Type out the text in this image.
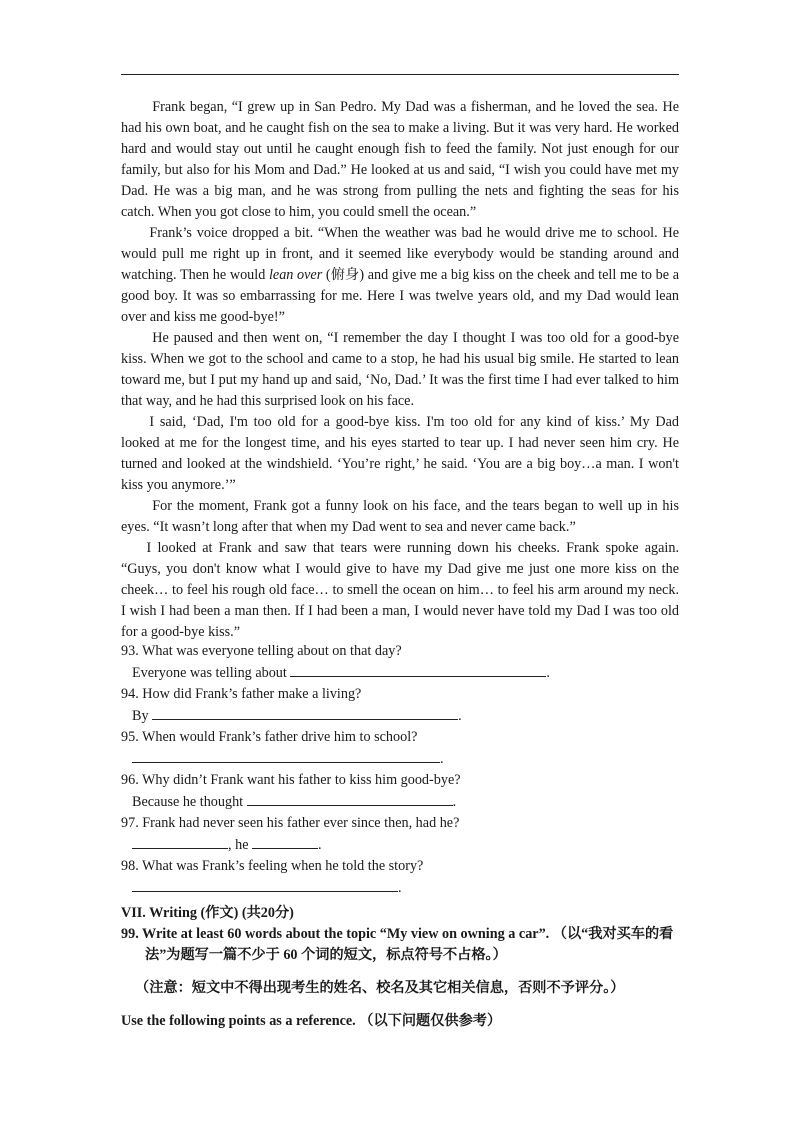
Frank began, “I grew up in San Pedro. My Dad was a fisherman, and he loved the sea. He had his own boat, and he caught fish on the sea to make a living. But it was very hard. He worked hard and would stay out until he caught enough fish to feed the family. Not just enough for our family, but also for his Mom and Dad.” He looked at us and said, “I wish you could have met my Dad. He was a big man, and he was strong from pulling the nets and fighting the seas for his catch. When you got close to him, you could smell the ocean.”

Frank’s voice dropped a bit. “When the weather was bad he would drive me to school. He would pull me right up in front, and it seemed like everybody would be standing around and watching. Then he would lean over (俯身) and give me a big kiss on the cheek and tell me to be a good boy. It was so embarrassing for me. Here I was twelve years old, and my Dad would lean over and kiss me good-bye!”

He paused and then went on, “I remember the day I thought I was too old for a good-bye kiss. When we got to the school and came to a stop, he had his usual big smile. He started to lean toward me, but I put my hand up and said, ‘No, Dad.’ It was the first time I had ever talked to him that way, and he had this surprised look on his face.

I said, ‘Dad, I'm too old for a good-bye kiss. I'm too old for any kind of kiss.’ My Dad looked at me for the longest time, and his eyes started to tear up. I had never seen him cry. He turned and looked at the windshield. ‘You’re right,’ he said. ‘You are a big boy…a man. I won't kiss you anymore.’”

For the moment, Frank got a funny look on his face, and the tears began to well up in his eyes. “It wasn’t long after that when my Dad went to sea and never came back.”

I looked at Frank and saw that tears were running down his cheeks. Frank spoke again. “Guys, you don't know what I would give to have my Dad give me just one more kiss on the cheek… to feel his rough old face… to smell the ocean on him… to feel his arm around my neck. I wish I had been a man then. If I had been a man, I would never have told my Dad I was too old for a good-bye kiss.”

93. What was everyone telling about on that day?

Everyone was telling about	.

94. How did Frank’s father make a living?

By	.

95. When would Frank’s father drive him to school?

.

96. Why didn’t Frank want his father to kiss him good-bye?

Because he thought	.

97. Frank had never seen his father ever since then, had he?

, he	.

98. What was Frank’s feeling when he told the story?

.

VII. Writing (作文) (共20分)

99. Write at least 60 words about the topic “My view on owning a car”. （以“我对买车的看法”为题写一篇不少于 60 个词的短文，标点符号不占格。）

（注意：短文中不得出现考生的姓名、校名及其它相关信息，否则不予评分。）

Use the following points as a reference. （以下问题仅供参考）
